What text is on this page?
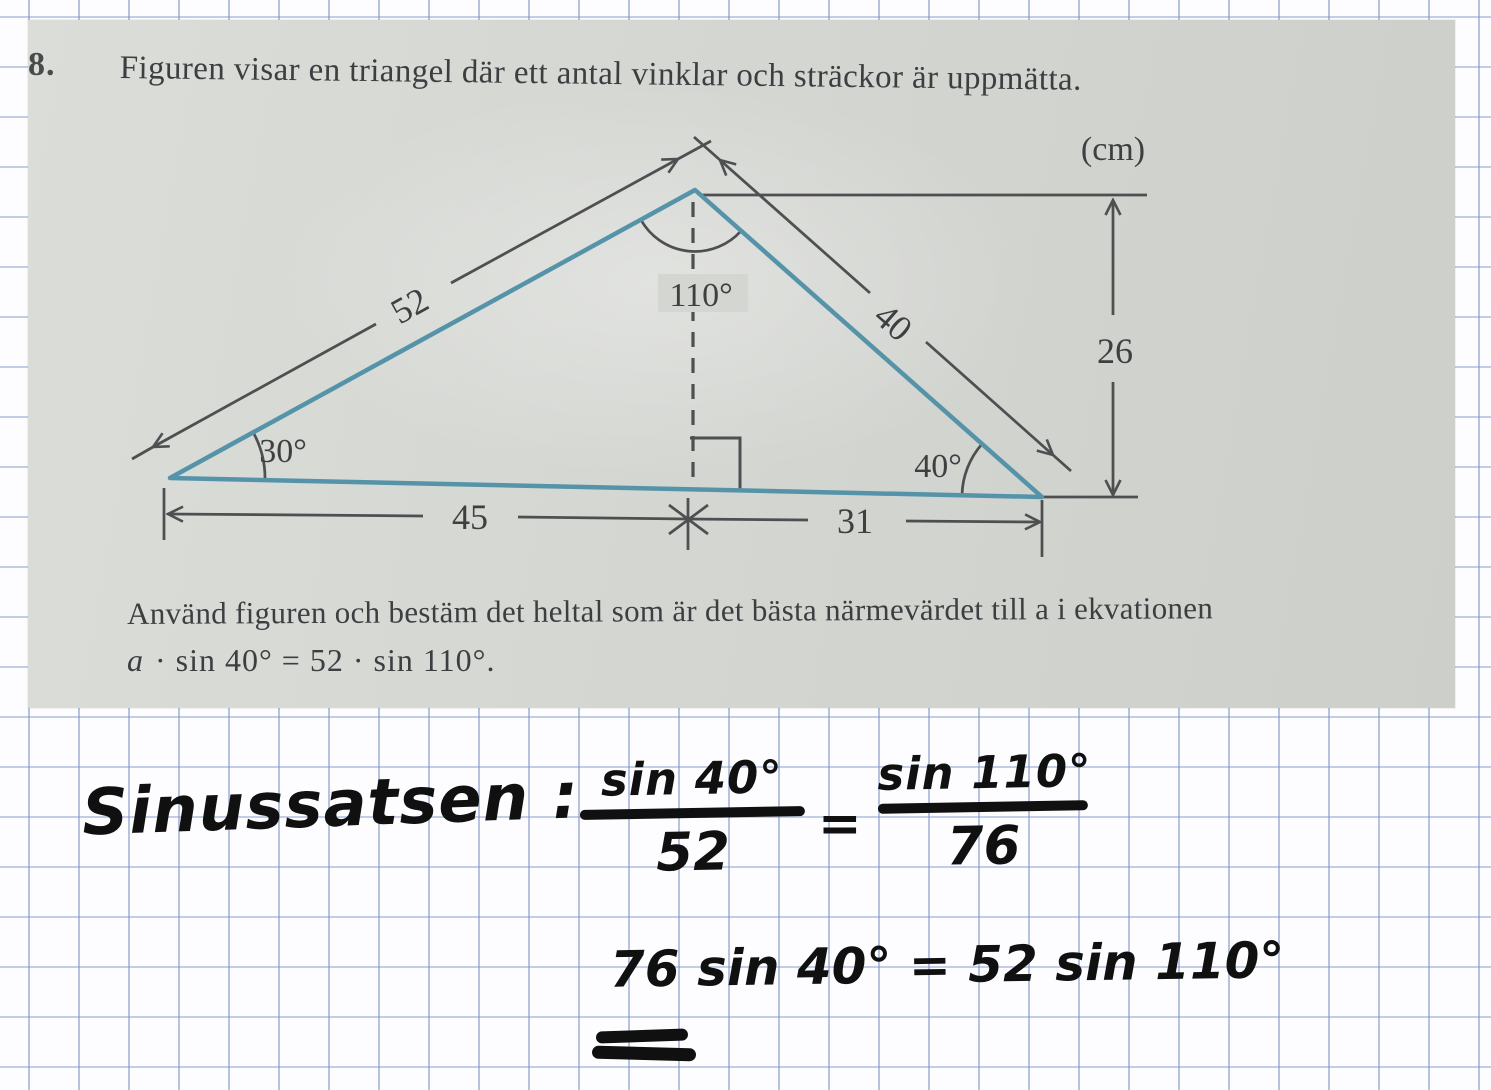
8. Figuren visar en triangel där ett antal vinklar och sträckor är uppmätta.
110°
30°	40°
(cm)
26
45	31
52	40
Använd figuren och bestäm det heltal som är det bästa närmevärdet till a i ekvationen
a · sin 40° = 52 · sin 110°.
Sinussatsen : sin 40°
52	=
sin 110°
76
76 sin 40° = 52 sin 110°
